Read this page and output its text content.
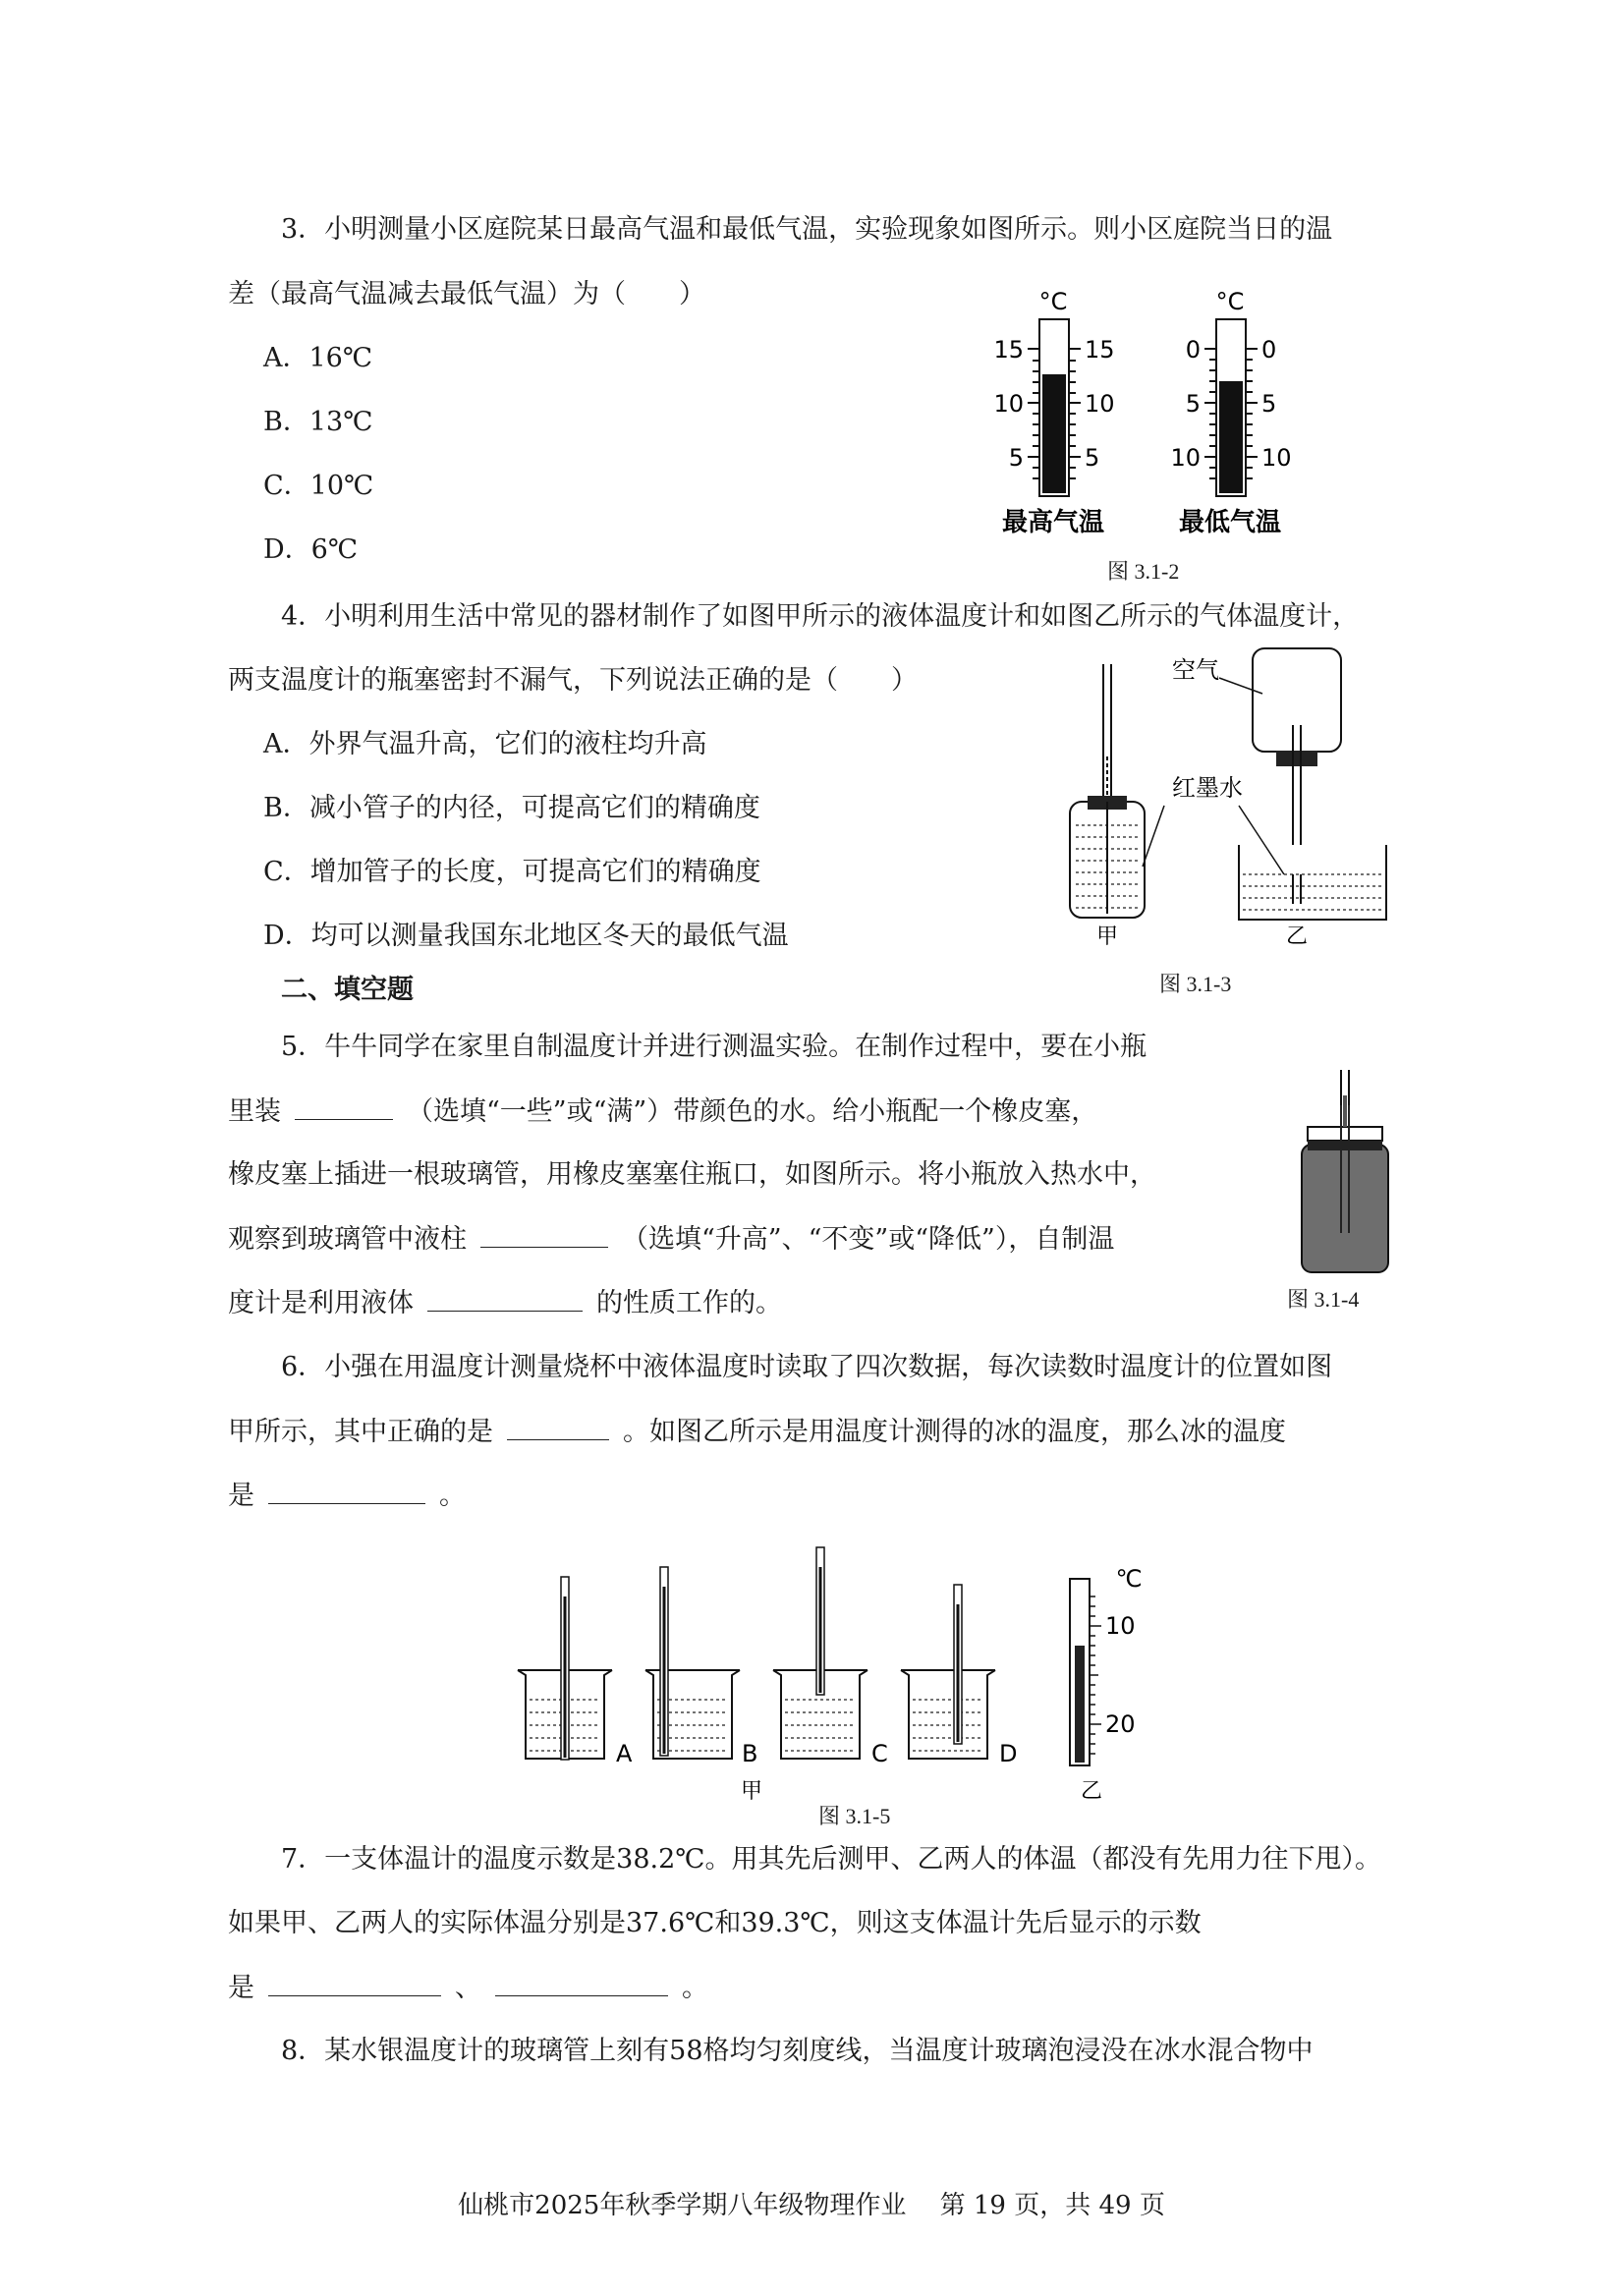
3．小明测量小区庭院某日最高气温和最低气温，实验现象如图所示。则小区庭院当日的温
差（最高气温减去最低气温）为（　　）
A．16℃
B．13℃
C．10℃
D．6℃
°C
15
10
5
15
10
5
最高气温
°C
0
5
10
0
5
10
最低气温
图 3.1-2
4．小明利用生活中常见的器材制作了如图甲所示的液体温度计和如图乙所示的气体温度计，
两支温度计的瓶塞密封不漏气，下列说法正确的是（　　）
A．外界气温升高，它们的液柱均升高
B．减小管子的内径，可提高它们的精确度
C．增加管子的长度，可提高它们的精确度
D．均可以测量我国东北地区冬天的最低气温	甲	乙
空气
红墨水
图 3.1-3
二、填空题
5．牛牛同学在家里自制温度计并进行测温实验。在制作过程中，要在小瓶
里装	（选填“一些”或“满”）带颜色的水。给小瓶配一个橡皮塞，
橡皮塞上插进一根玻璃管，用橡皮塞塞住瓶口，如图所示。将小瓶放入热水中，
观察到玻璃管中液柱	（选填“升高”、“不变”或“降低”），自制温
度计是利用液体	的性质工作的。	图 3.1-4
6．小强在用温度计测量烧杯中液体温度时读取了四次数据，每次读数时温度计的位置如图
甲所示，其中正确的是	。如图乙所示是用温度计测得的冰的温度，那么冰的温度
是	。
A	B	C	D
甲
℃
10
20
乙
图 3.1-5
7．一支体温计的温度示数是38.2℃。用其先后测甲、乙两人的体温（都没有先用力往下甩）。
如果甲、乙两人的实际体温分别是37.6℃和39.3℃，则这支体温计先后显示的示数
是	、	。
8．某水银温度计的玻璃管上刻有58格均匀刻度线，当温度计玻璃泡浸没在冰水混合物中
仙桃市2025年秋季学期八年级物理作业　 第 19 页，共 49 页
